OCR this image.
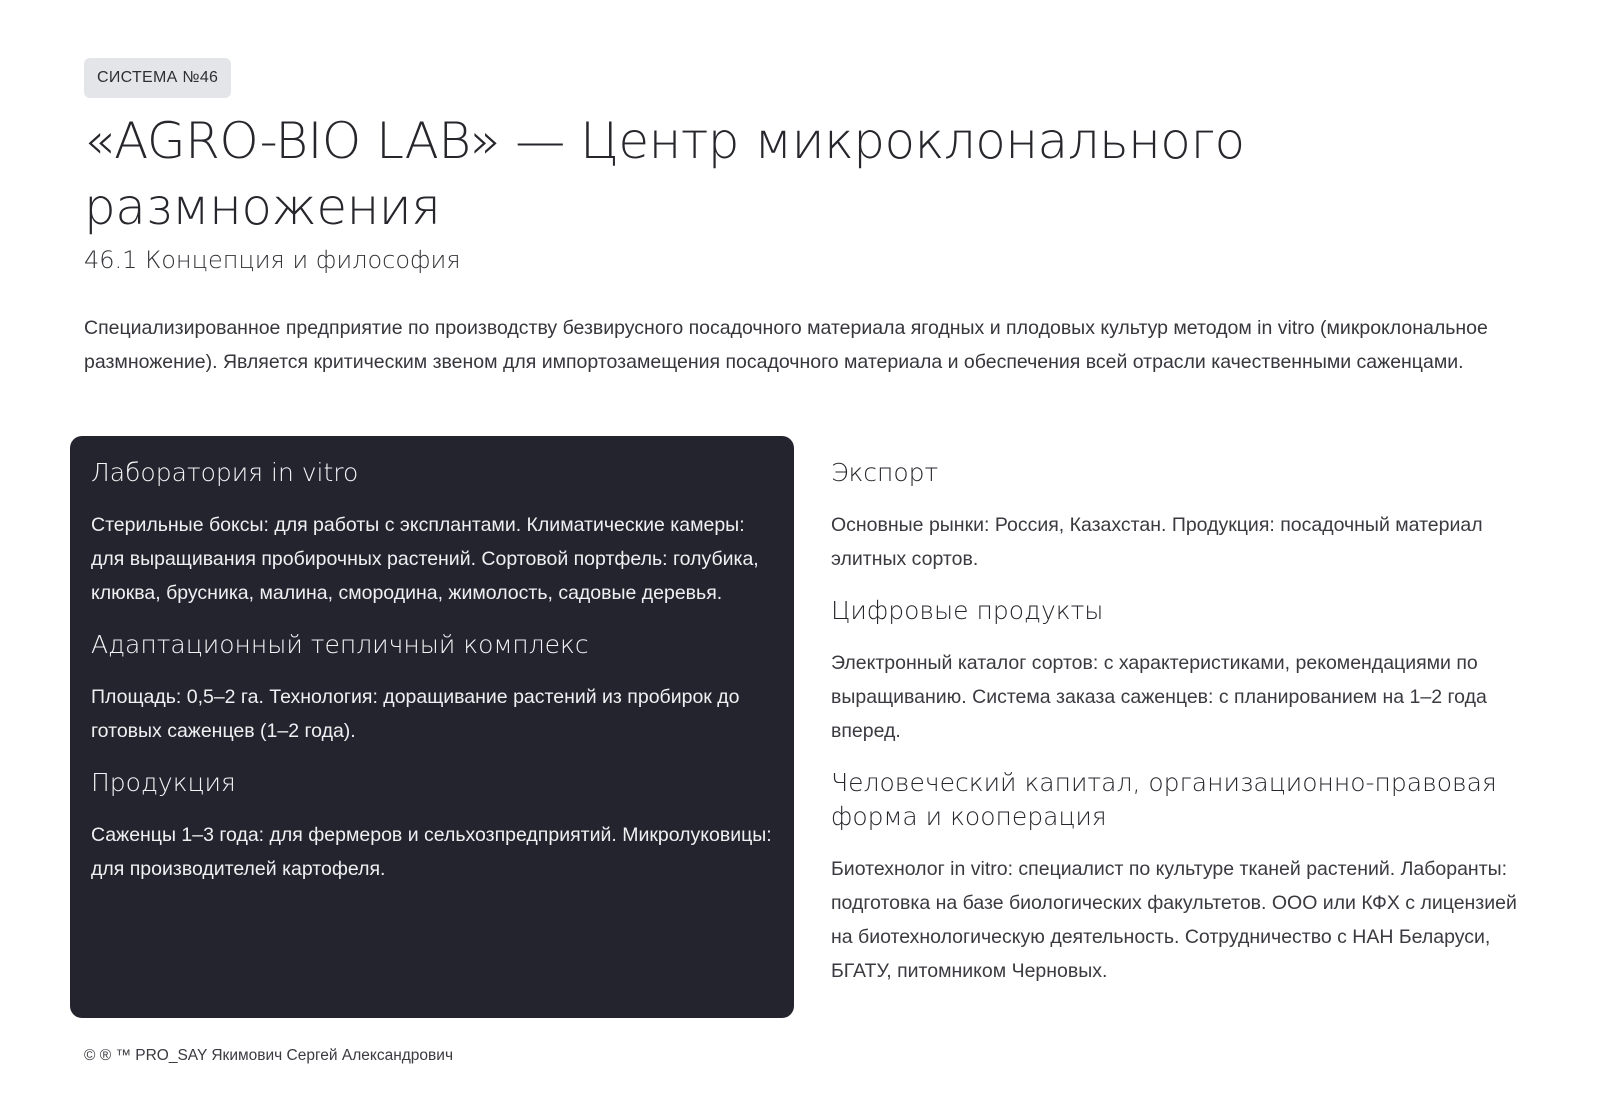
СИСТЕМА №46
«AGRO-BIO LAB» — Центр микроклонального размножения
46.1 Концепция и философия

Специализированное предприятие по производству безвирусного посадочного материала ягодных и плодовых культур методом in vitro (микроклональное размножение). Является критическим звеном для импортозамещения посадочного материала и обеспечения всей отрасли качественными саженцами.

Лаборатория in vitro

Стерильные боксы: для работы с эксплантами. Климатические камеры: для выращивания пробирочных растений. Сортовой портфель: голубика, клюква, брусника, малина, смородина, жимолость, садовые деревья.

Адаптационный тепличный комплекс

Площадь: 0,5–2 га. Технология: доращивание растений из пробирок до готовых саженцев (1–2 года).

Продукция

Саженцы 1–3 года: для фермеров и сельхозпредприятий. Микролуковицы: для производителей картофеля.

Экспорт

Основные рынки: Россия, Казахстан. Продукция: посадочный материал элитных сортов.

Цифровые продукты

Электронный каталог сортов: с характеристиками, рекомендациями по выращиванию. Система заказа саженцев: с планированием на 1–2 года вперед.

Человеческий капитал, организационно-правовая форма и кооперация

Биотехнолог in vitro: специалист по культуре тканей растений. Лаборанты: подготовка на базе биологических факультетов. ООО или КФХ с лицензией на биотехнологическую деятельность. Сотрудничество с НАН Беларуси, БГАТУ, питомником Черновых.

© ® ™ PRO_SAY Якимович Сергей Александрович
